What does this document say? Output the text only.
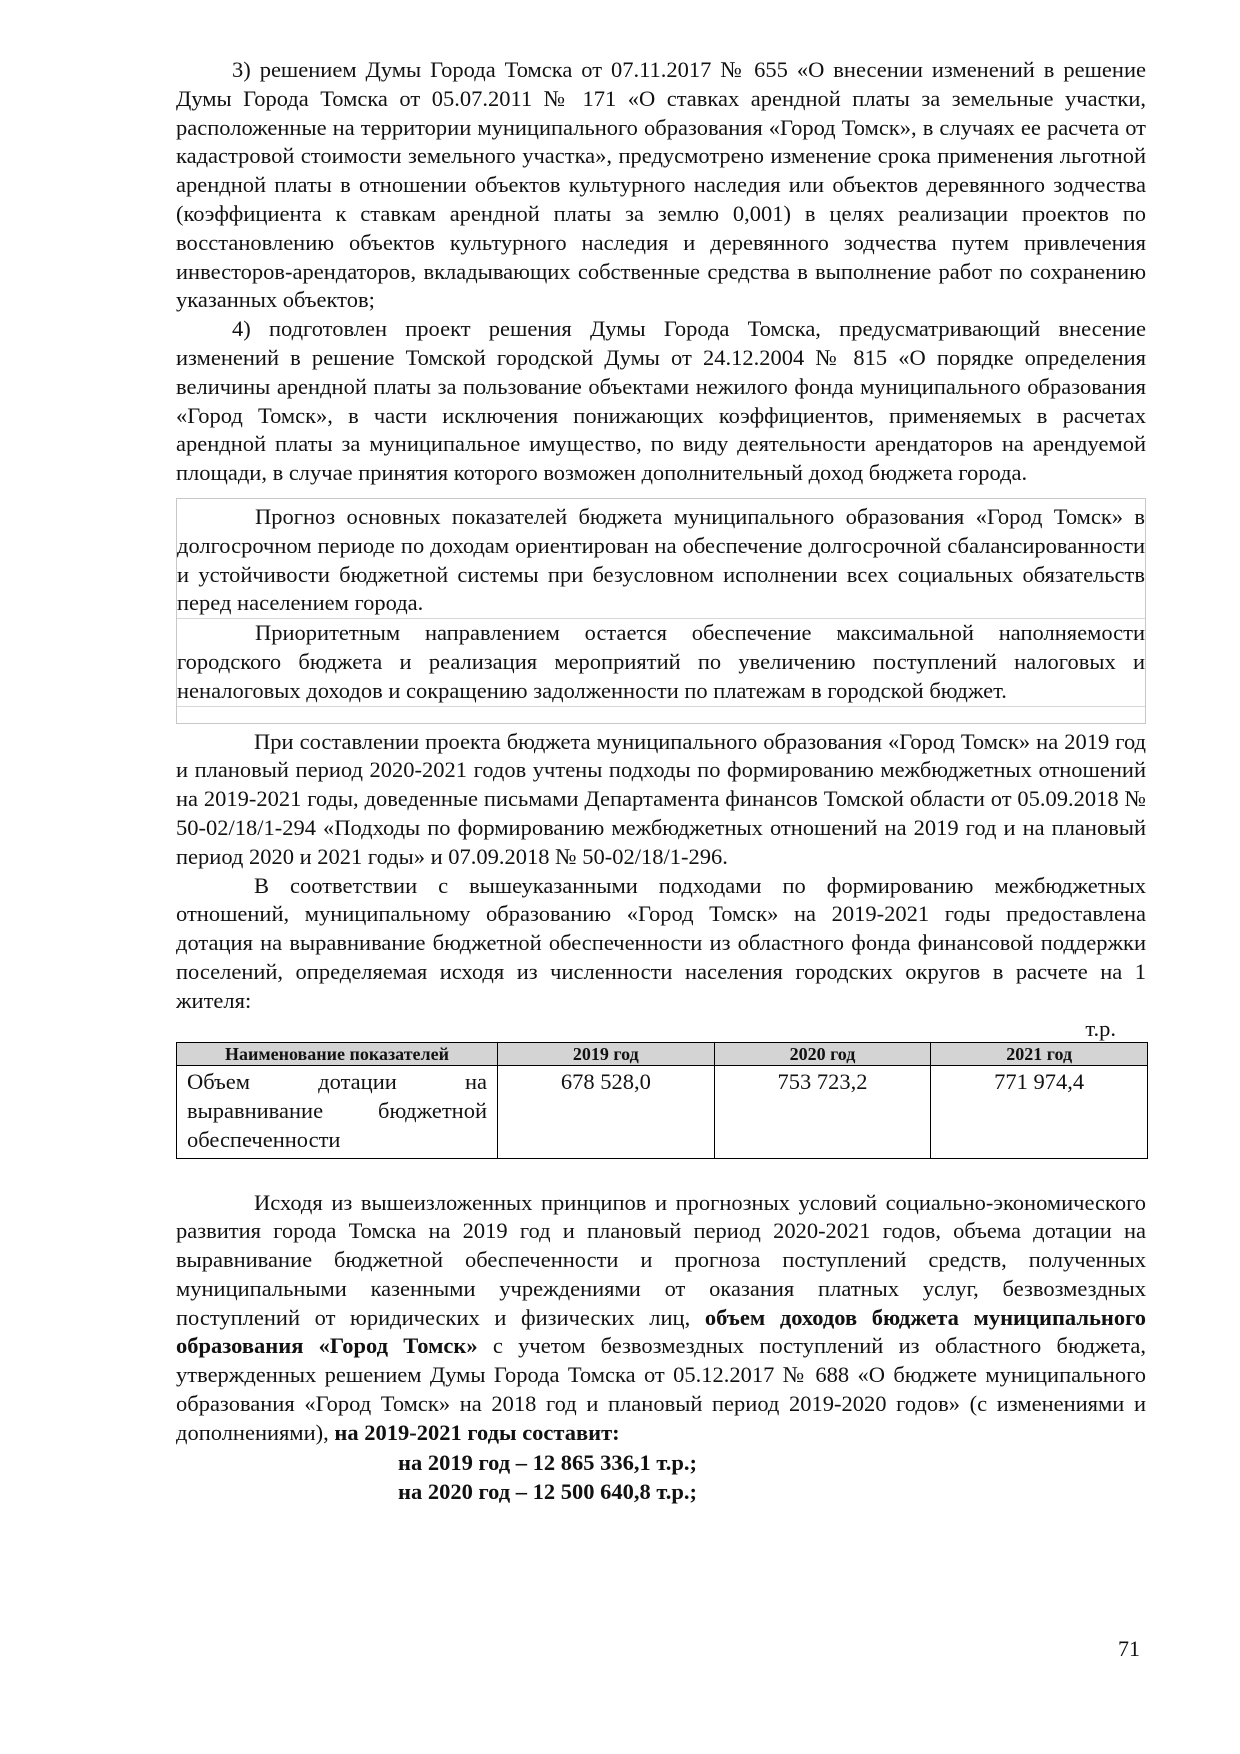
3) решением Думы Города Томска от 07.11.2017 № 655 «О внесении изменений в решение Думы Города Томска от 05.07.2011 № 171 «О ставках арендной платы за земельные участки, расположенные на территории муниципального образования «Город Томск», в случаях ее расчета от кадастровой стоимости земельного участка», предусмотрено изменение срока применения льготной арендной платы в отношении объектов культурного наследия или объектов деревянного зодчества (коэффициента к ставкам арендной платы за землю 0,001) в целях реализации проектов по восстановлению объектов культурного наследия и деревянного зодчества путем привлечения инвесторов-арендаторов, вкладывающих собственные средства в выполнение работ по сохранению указанных объектов;

4) подготовлен проект решения Думы Города Томска, предусматривающий внесение изменений в решение Томской городской Думы от 24.12.2004 № 815 «О порядке определения величины арендной платы за пользование объектами нежилого фонда муниципального образования «Город Томск», в части исключения понижающих коэффициентов, применяемых в расчетах арендной платы за муниципальное имущество, по виду деятельности арендаторов на арендуемой площади, в случае принятия которого возможен дополнительный доход бюджета города.

Прогноз основных показателей бюджета муниципального образования «Город Томск» в долгосрочном периоде по доходам ориентирован на обеспечение долгосрочной сбалансированности и устойчивости бюджетной системы при безусловном исполнении всех социальных обязательств перед населением города.

Приоритетным направлением остается обеспечение максимальной наполняемости городского бюджета и реализация мероприятий по увеличению поступлений налоговых и неналоговых доходов и сокращению задолженности по платежам в городской бюджет.

При составлении проекта бюджета муниципального образования «Город Томск» на 2019 год и плановый период 2020-2021 годов учтены подходы по формированию межбюджетных отношений на 2019-2021 годы, доведенные письмами Департамента финансов Томской области от 05.09.2018 № 50-02/18/1-294 «Подходы по формированию межбюджетных отношений на 2019 год и на плановый период 2020 и 2021 годы» и 07.09.2018 № 50-02/18/1-296.

В соответствии с вышеуказанными подходами по формированию межбюджетных отношений, муниципальному образованию «Город Томск» на 2019-2021 годы предоставлена дотация на выравнивание бюджетной обеспеченности из областного фонда финансовой поддержки поселений, определяемая исходя из численности населения городских округов в расчете на 1 жителя:

т.р.
Наименование показателей	2019 год	2020 год	2021 год
Объем дотации на выравнивание бюджетной обеспеченности	678 528,0	753 723,2	771 974,4

Исходя из вышеизложенных принципов и прогнозных условий социально-экономического развития города Томска на 2019 год и плановый период 2020-2021 годов, объема дотации на выравнивание бюджетной обеспеченности и прогноза поступлений средств, полученных муниципальными казенными учреждениями от оказания платных услуг, безвозмездных поступлений от юридических и физических лиц, объем доходов бюджета муниципального образования «Город Томск» с учетом безвозмездных поступлений из областного бюджета, утвержденных решением Думы Города Томска от 05.12.2017 № 688 «О бюджете муниципального образования «Город Томск» на 2018 год и плановый период 2019-2020 годов» (с изменениями и дополнениями), на 2019-2021 годы составит:

на 2019 год – 12 865 336,1 т.р.;
на 2020 год – 12 500 640,8 т.р.;
71
